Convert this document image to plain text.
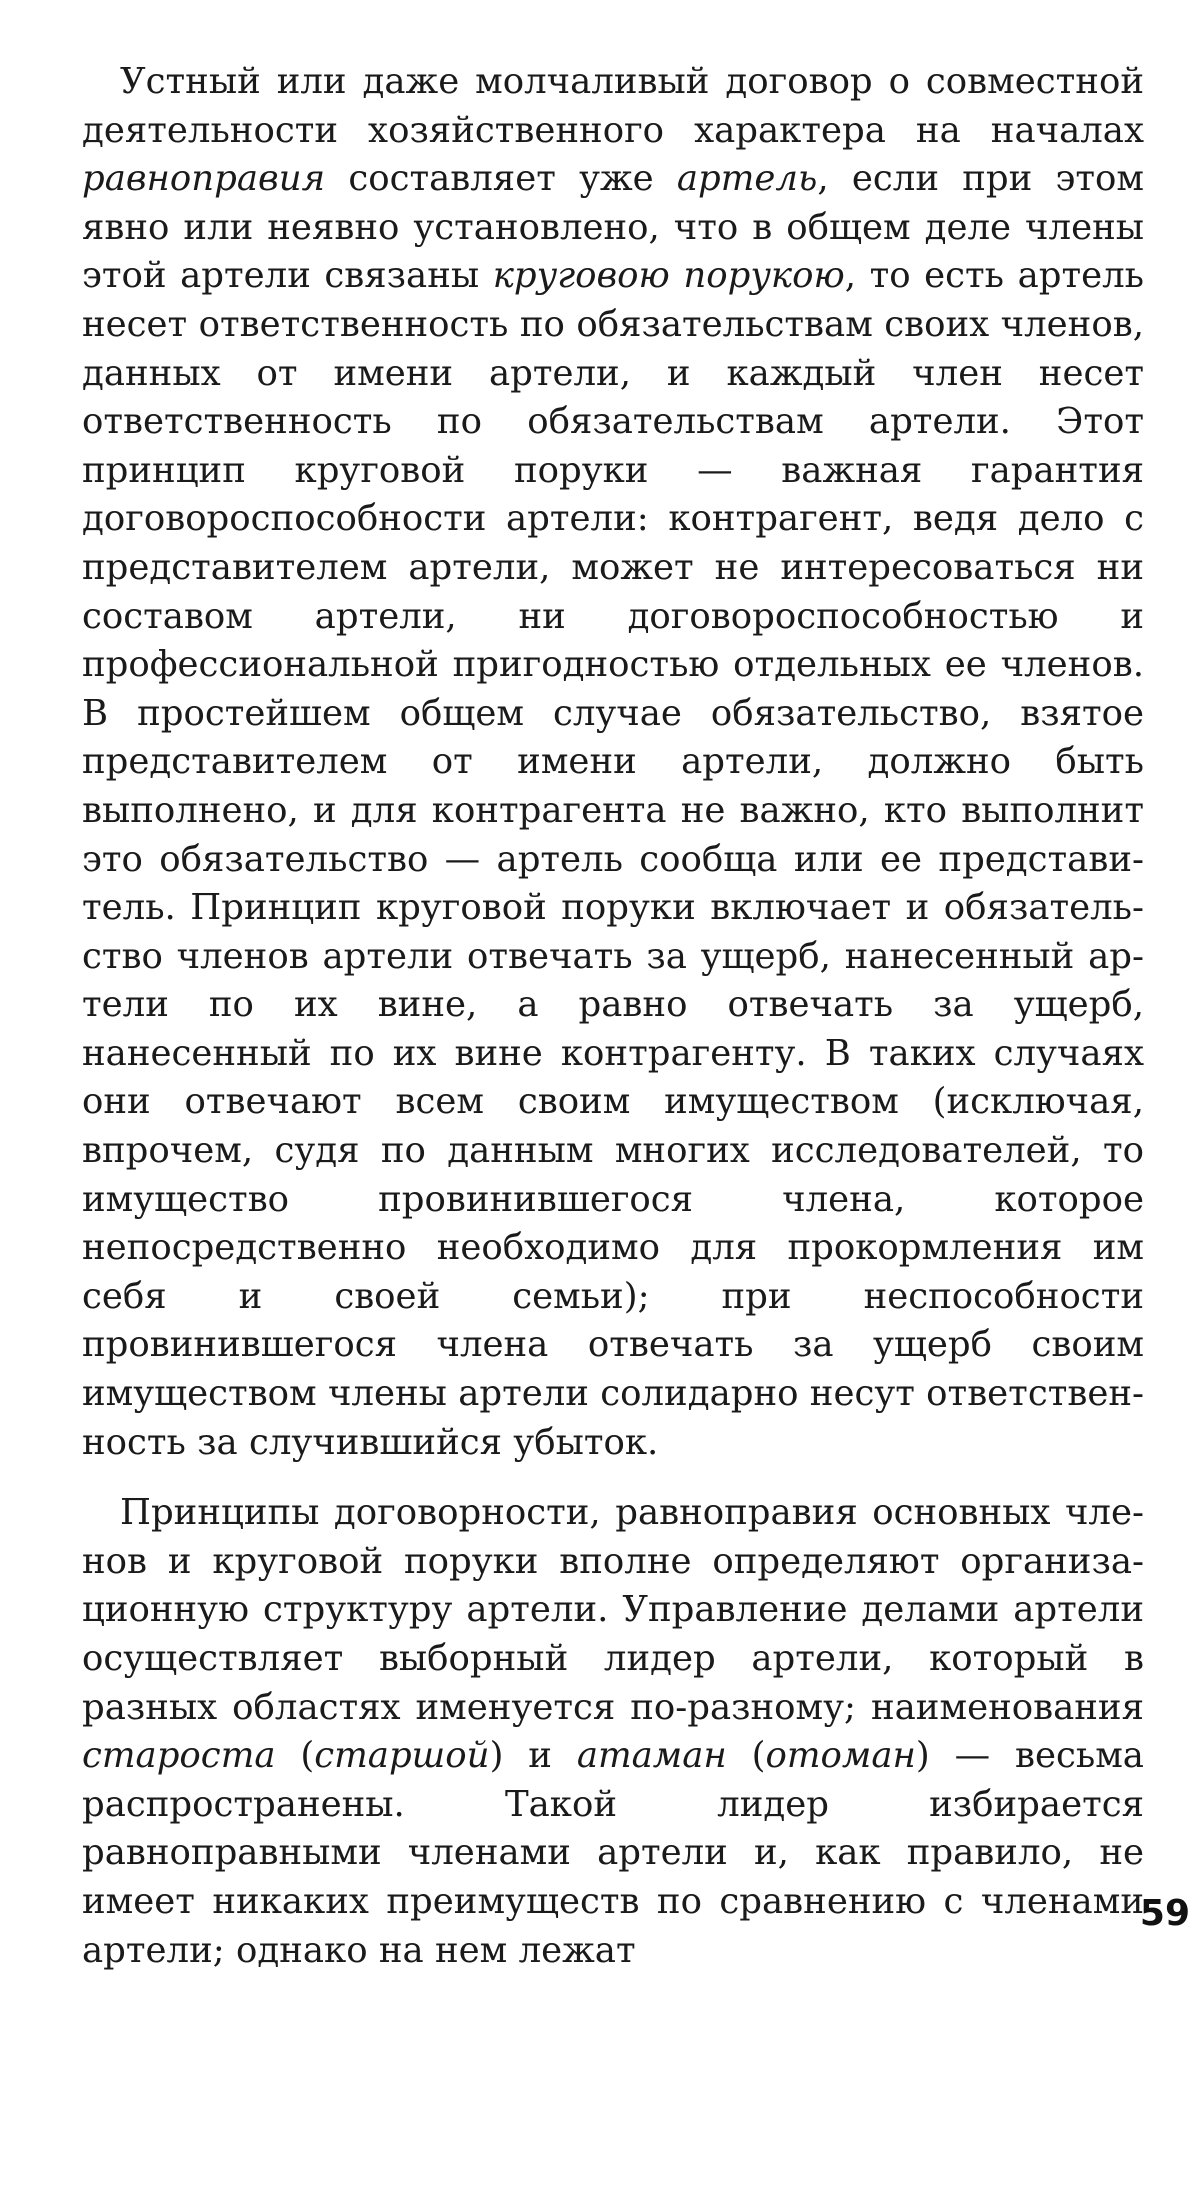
Устный или даже молчаливый договор о совместной деятельности хозяйственного характера на началах равноправия составляет уже артель, если при этом явно или неявно установлено, что в общем деле члены этой артели связаны круговою порукою, то есть артель несет ответственность по обязательствам своих членов, данных от имени артели, и каждый член несет ответственность по обязательствам артели. Этот принцип круговой поруки — важная гарантия договороспособности артели: контрагент, ведя дело с представителем артели, может не интересоваться ни составом артели, ни договороспособностью и профессиональной пригодностью отдельных ее членов. В простейшем общем случае обязательство, взятое представителем от имени артели, должно быть выполнено, и для контрагента не важно, кто выполнит это обязательство — артель сообща или ее представитель. Принцип круговой поруки включает и обязательство членов артели отвечать за ущерб, нанесенный артели по их вине, а равно отвечать за ущерб, нанесенный по их вине контрагенту. В таких случаях они отвечают всем своим имуществом (исключая, впрочем, судя по данным многих исследователей, то имущество провинившегося члена, которое непосредственно необходимо для прокормления им себя и своей семьи); при неспособности провинившегося члена отвечать за ущерб своим имуществом члены артели солидарно несут ответственность за случившийся убыток.

Принципы договорности, равноправия основных членов и круговой поруки вполне определяют организационную структуру артели. Управление делами артели осуществляет выборный лидер артели, который в разных областях именуется по-разному; наименования староста (старшой) и атаман (отоман) — весьма распространены. Такой лидер избирается равноправными членами артели и, как правило, не имеет никаких преимуществ по сравнению с членами артели; однако на нем лежат

59
